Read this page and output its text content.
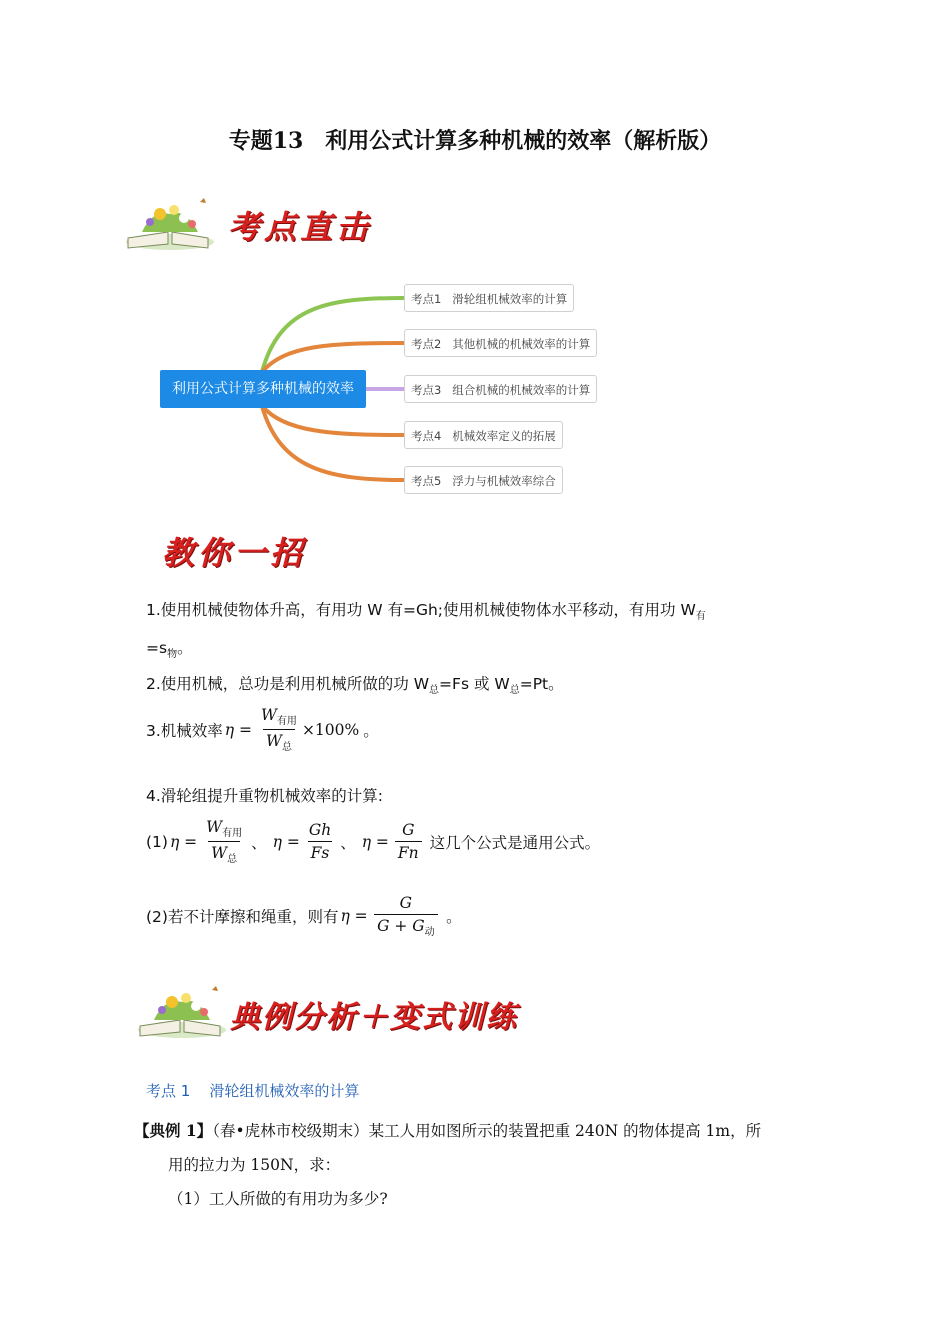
专题13　利用公式计算多种机械的效率（解析版）
考点直击
利用公式计算多种机械的效率
考点1 滑轮组机械效率的计算
考点2 其他机械的机械效率的计算
考点3 组合机械的机械效率的计算
考点4 机械效率定义的拓展
考点5 浮力与机械效率综合
教你一招
1.使用机械使物体升高，有用功 W 有=Gh;使用机械使物体水平移动，有用功 $W_有$
$=s_物$。
2.使用机械，总功是利用机械所做的功 $W_总=Fs$ 或 $W_总=Pt$。
3.机械效率 $\eta = \frac{W_{有用}}{W_总} \times 100\%$ 。
4.滑轮组提升重物机械效率的计算:
(1) $\eta = \frac{W_{有用}}{W_总}$ 、 $\eta = \frac{Gh}{Fs}$ 、 $\eta = \frac{G}{Fn}$ 这几个公式是通用公式。
(2)若不计摩擦和绳重，则有 $\eta = \frac{G}{G + G_动}$ 。
典例分析＋变式训练
考点 1 滑轮组机械效率的计算
【典例 1】（春•虎林市校级期末）某工人用如图所示的装置把重 240N 的物体提高 1m，所
用的拉力为 150N，求：
（1）工人所做的有用功为多少?
